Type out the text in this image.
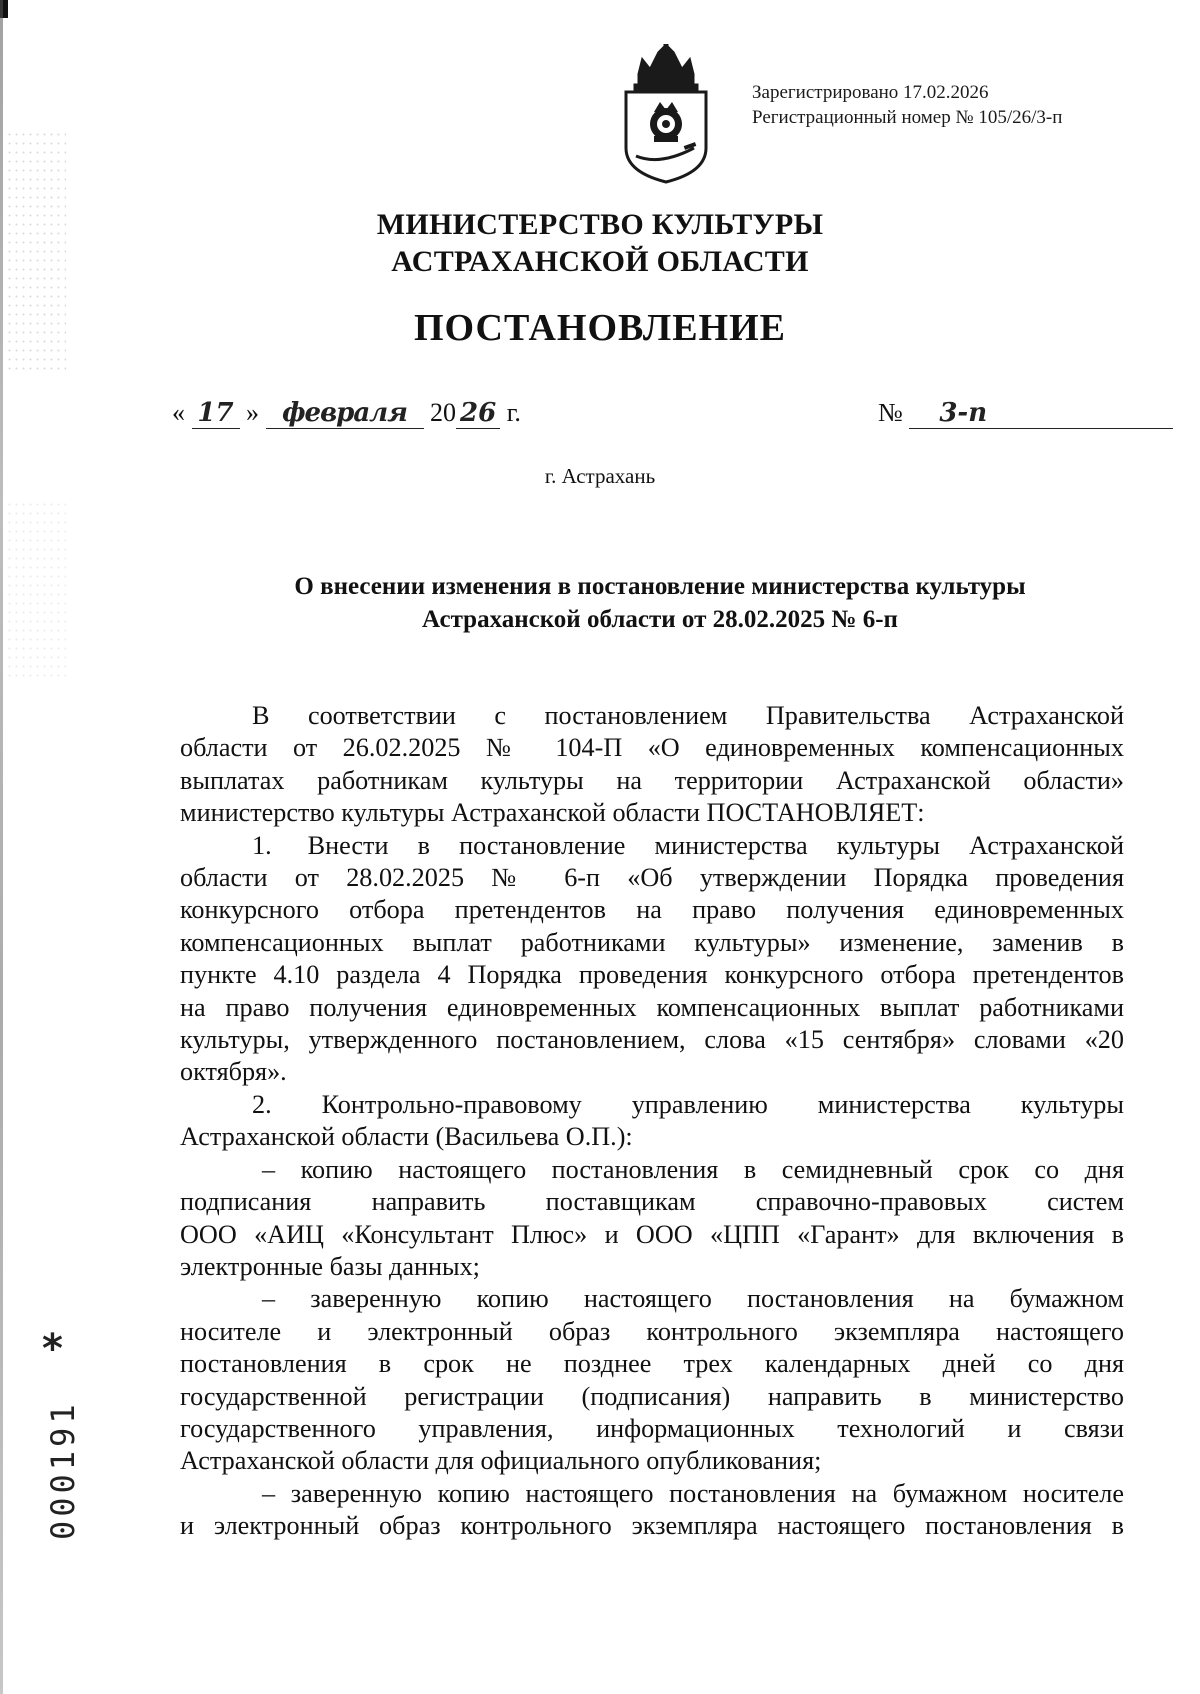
Зарегистрировано 17.02.2026
Регистрационный номер № 105/26/3-п
МИНИСТЕРСТВО КУЛЬТУРЫ
АСТРАХАНСКОЙ ОБЛАСТИ
ПОСТАНОВЛЕНИЕ
« 17 » февраля 20 26 г.	№ 3-п
г. Астрахань
О внесении изменения в постановление министерства культуры
Астраханской области от 28.02.2025 № 6-п
В соответствии с постановлением Правительства Астраханской
области от 26.02.2025 № 104-П «О единовременных компенсационных
выплатах работникам культуры на территории Астраханской области»
министерство культуры Астраханской области ПОСТАНОВЛЯЕТ:
1. Внести в постановление министерства культуры Астраханской
области от 28.02.2025 № 6-п «Об утверждении Порядка проведения
конкурсного отбора претендентов на право получения единовременных
компенсационных выплат работниками культуры» изменение, заменив в
пункте 4.10 раздела 4 Порядка проведения конкурсного отбора претендентов
на право получения единовременных компенсационных выплат работниками
культуры, утвержденного постановлением, слова «15 сентября» словами «20
октября».
2. Контрольно-правовому управлению министерства культуры
Астраханской области (Васильева О.П.):
– копию настоящего постановления в семидневный срок со дня
подписания направить поставщикам справочно-правовых систем
ООО «АИЦ «Консультант Плюс» и ООО «ЦПП «Гарант» для включения в
электронные базы данных;
– заверенную копию настоящего постановления на бумажном
носителе и электронный образ контрольного экземпляра настоящего
постановления в срок не позднее трех календарных дней со дня
государственной регистрации (подписания) направить в министерство
государственного управления, информационных технологий и связи
Астраханской области для официального опубликования;
– заверенную копию настоящего постановления на бумажном носителе
и электронный образ контрольного экземпляра настоящего постановления в
*
000191
